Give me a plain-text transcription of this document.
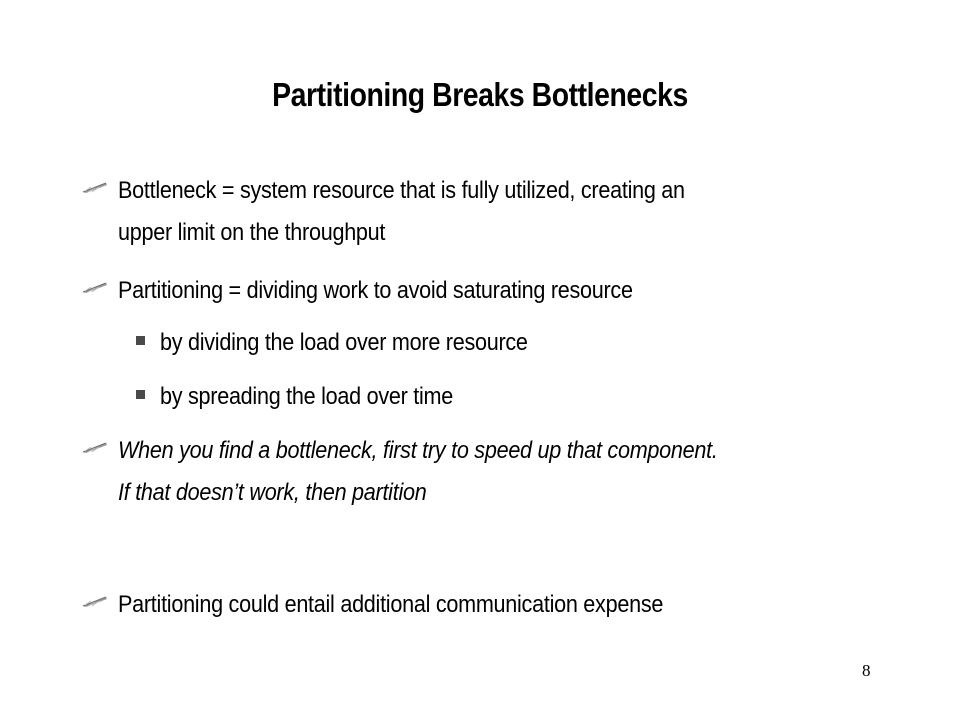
Partitioning Breaks Bottlenecks
Bottleneck = system resource that is fully utilized, creating an
upper limit on the throughput
Partitioning = dividing work to avoid saturating resource
by dividing the load over more resource
by spreading the load over time
When you find a bottleneck, first try to speed up that component.
If that doesn’t work, then partition
Partitioning could entail additional communication expense
8
